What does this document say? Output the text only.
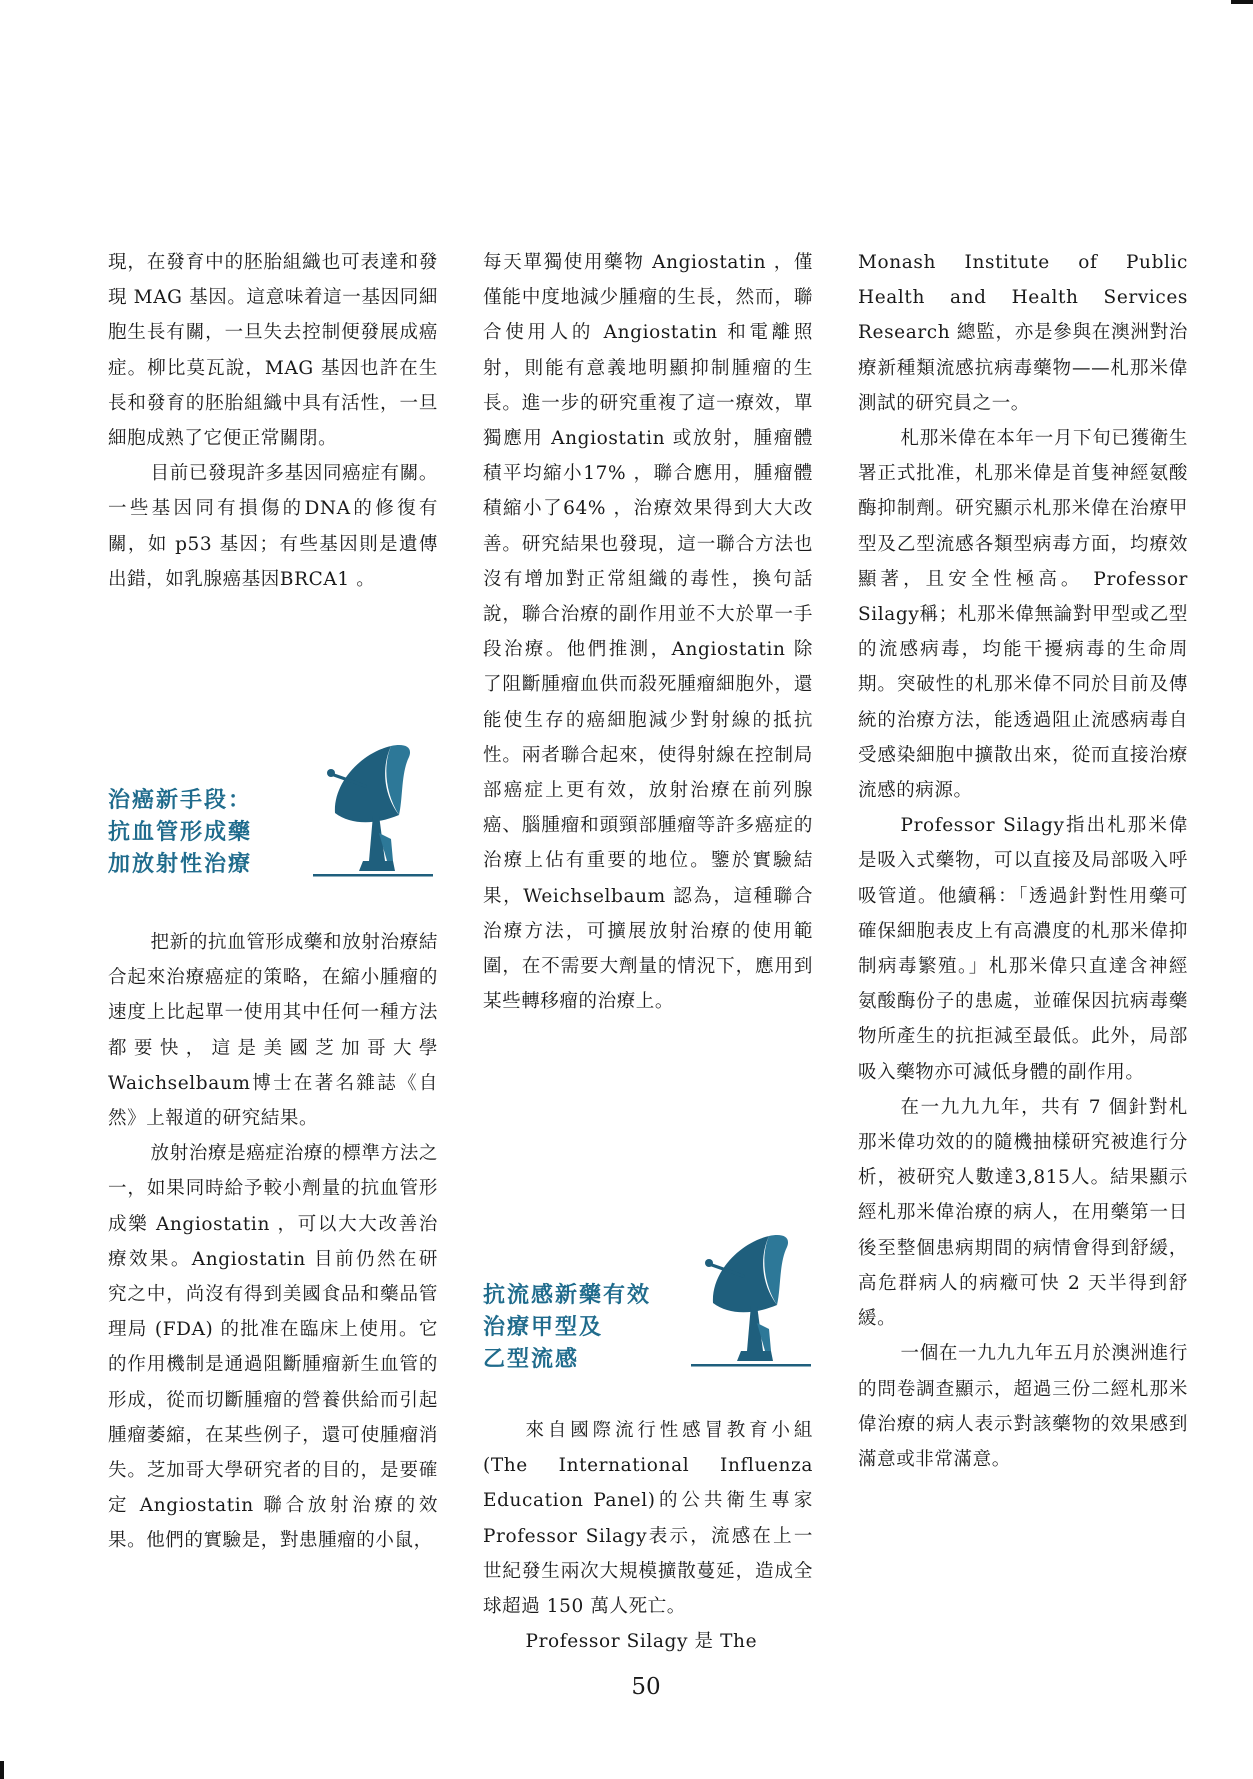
現，在發育中的胚胎組織也可表達和發現 MAG 基因。這意味着這一基因同細胞生長有關，一旦失去控制便發展成癌症。柳比莫瓦說，MAG 基因也許在生長和發育的胚胎組織中具有活性，一旦細胞成熟了它便正常關閉。

目前已發現許多基因同癌症有關。一些基因同有損傷的DNA的修復有關，如 p53 基因；有些基因則是遺傳出錯，如乳腺癌基因BRCA1 。

治癌新手段：
抗血管形成藥
加放射性治療

把新的抗血管形成藥和放射治療結合起來治療癌症的策略，在縮小腫瘤的速度上比起單一使用其中任何一種方法都要快，這是美國芝加哥大學Waichselbaum博士在著名雜誌《自然》上報道的研究結果。

放射治療是癌症治療的標準方法之一，如果同時給予較小劑量的抗血管形成樂 Angiostatin ，可以大大改善治療效果。Angiostatin 目前仍然在研究之中，尚沒有得到美國食品和藥品管理局 (FDA) 的批准在臨床上使用。它的作用機制是通過阻斷腫瘤新生血管的形成，從而切斷腫瘤的營養供給而引起腫瘤萎縮，在某些例子，還可使腫瘤消失。芝加哥大學研究者的目的，是要確定 Angiostatin 聯合放射治療的效果。他們的實驗是，對患腫瘤的小鼠，

每天單獨使用藥物 Angiostatin ，僅僅能中度地減少腫瘤的生長，然而，聯合使用人的 Angiostatin 和電離照射，則能有意義地明顯抑制腫瘤的生長。進一步的研究重複了這一療效，單獨應用 Angiostatin 或放射，腫瘤體積平均縮小17% ，聯合應用，腫瘤體積縮小了64% ，治療效果得到大大改善。研究結果也發現，這一聯合方法也沒有增加對正常組織的毒性，換句話說，聯合治療的副作用並不大於單一手段治療。他們推測，Angiostatin 除了阻斷腫瘤血供而殺死腫瘤細胞外，還能使生存的癌細胞減少對射線的抵抗性。兩者聯合起來，使得射線在控制局部癌症上更有效，放射治療在前列腺癌、腦腫瘤和頭頸部腫瘤等許多癌症的治療上佔有重要的地位。鑒於實驗結果，Weichselbaum 認為，這種聯合治療方法，可擴展放射治療的使用範圍，在不需要大劑量的情況下，應用到某些轉移瘤的治療上。

抗流感新藥有效
治療甲型及
乙型流感

來自國際流行性感冒教育小組(The International Influenza Education Panel)的公共衛生專家 Professor Silagy表示，流感在上一世紀發生兩次大規模擴散蔓延，造成全球超過 150 萬人死亡。

Professor Silagy 是 The

Monash Institute of Public Health and Health Services Research 總監，亦是參與在澳洲對治療新種類流感抗病毒藥物——札那米偉測試的研究員之一。

札那米偉在本年一月下旬已獲衛生署正式批准，札那米偉是首隻神經氨酸酶抑制劑。研究顯示札那米偉在治療甲型及乙型流感各類型病毒方面，均療效顯著，且安全性極高。 Professor Silagy稱；札那米偉無論對甲型或乙型的流感病毒，均能干擾病毒的生命周期。突破性的札那米偉不同於目前及傳統的治療方法，能透過阻止流感病毒自受感染細胞中擴散出來，從而直接治療流感的病源。

Professor Silagy指出札那米偉是吸入式藥物，可以直接及局部吸入呼吸管道。他續稱：「透過針對性用藥可確保細胞表皮上有高濃度的札那米偉抑制病毒繁殖。」札那米偉只直達含神經氨酸酶份子的患處，並確保因抗病毒藥物所產生的抗拒減至最低。此外，局部吸入藥物亦可減低身體的副作用。

在一九九九年，共有 7 個針對札那米偉功效的的隨機抽樣研究被進行分析，被研究人數達3,815人。結果顯示經札那米偉治療的病人，在用藥第一日後至整個患病期間的病情會得到舒緩，高危群病人的病癥可快 2 天半得到舒緩。

一個在一九九九年五月於澳洲進行的問卷調查顯示，超過三份二經札那米偉治療的病人表示對該藥物的效果感到滿意或非常滿意。

50
